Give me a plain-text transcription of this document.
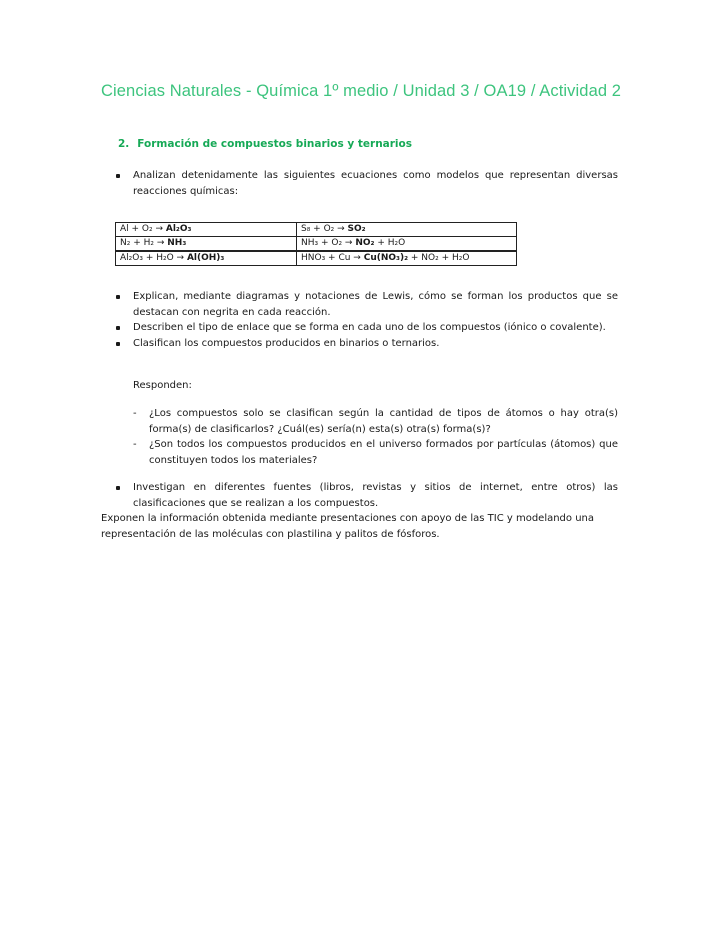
Ciencias Naturales - Química 1º medio / Unidad 3 / OA19 / Actividad 2
2. Formación de compuestos binarios y ternarios
Analizan detenidamente las siguientes ecuaciones como modelos que representan diversas reacciones químicas:
Al + O₂ → Al₂O₃	S₈ + O₂ → SO₂
N₂ + H₂ → NH₃	NH₃ + O₂ → NO₂ + H₂O
Al₂O₃ + H₂O → Al(OH)₃	HNO₃ + Cu → Cu(NO₃)₂ + NO₂ + H₂O
Explican, mediante diagramas y notaciones de Lewis, cómo se forman los productos que se destacan con negrita en cada reacción.
Describen el tipo de enlace que se forma en cada uno de los compuestos (iónico o covalente).
Clasifican los compuestos producidos en binarios o ternarios.
Responden:
- ¿Los compuestos solo se clasifican según la cantidad de tipos de átomos o hay otra(s) forma(s) de clasificarlos? ¿Cuál(es) sería(n) esta(s) otra(s) forma(s)?
- ¿Son todos los compuestos producidos en el universo formados por partículas (átomos) que constituyen todos los materiales?
Investigan en diferentes fuentes (libros, revistas y sitios de internet, entre otros) las clasificaciones que se realizan a los compuestos.
Exponen la información obtenida mediante presentaciones con apoyo de las TIC y modelando una representación de las moléculas con plastilina y palitos de fósforos.
